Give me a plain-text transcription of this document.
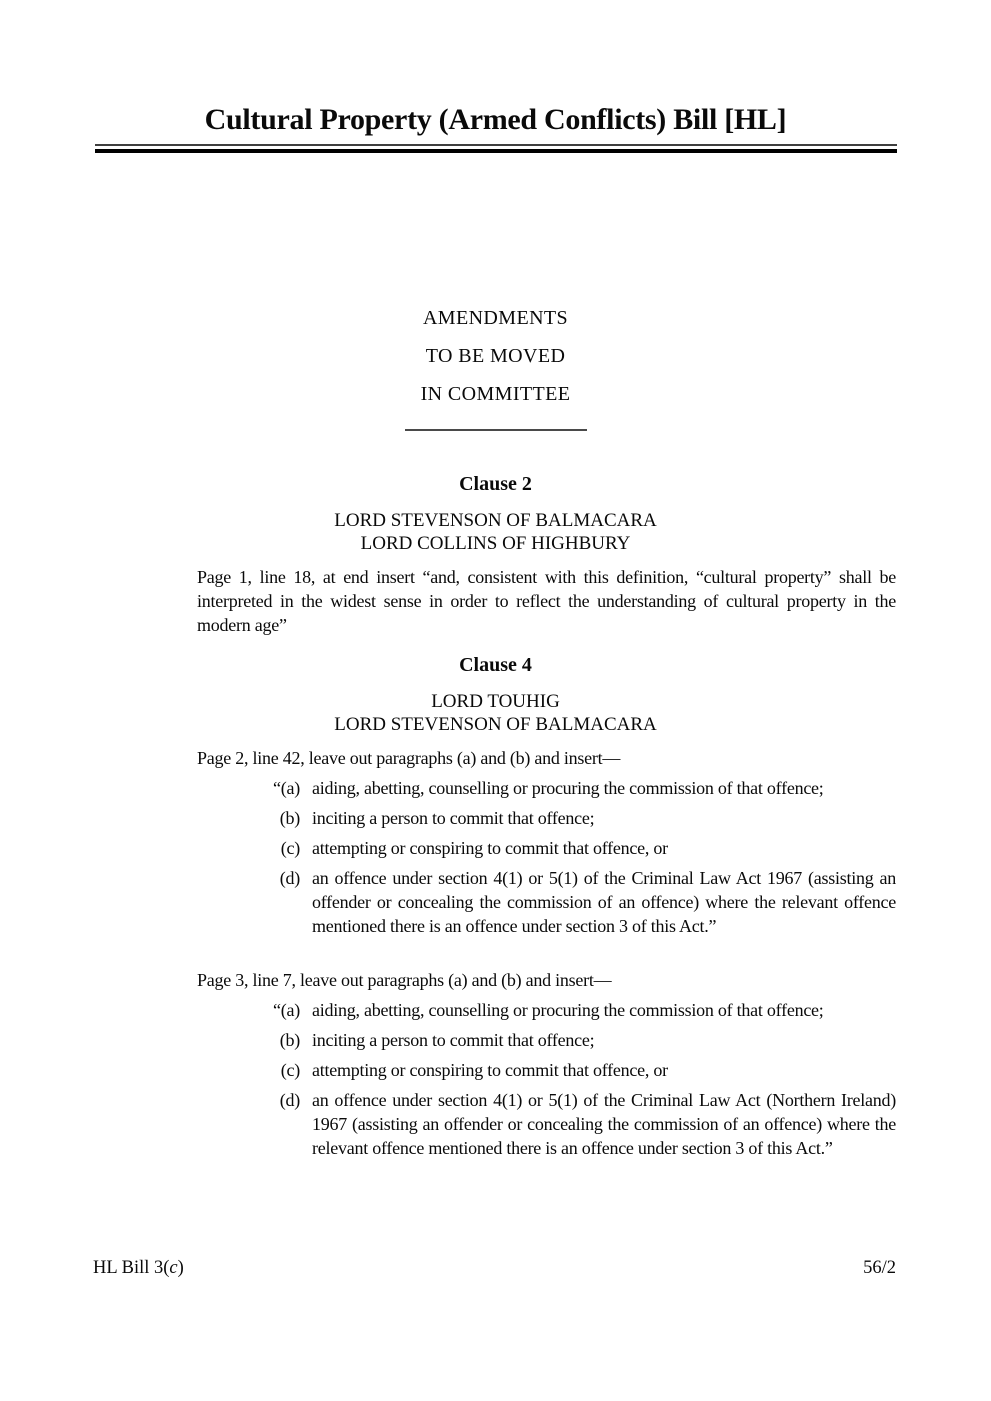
Cultural Property (Armed Conflicts) Bill [HL]
AMENDMENTS
TO BE MOVED
IN COMMITTEE
Clause 2
LORD STEVENSON OF BALMACARA
LORD COLLINS OF HIGHBURY

Page 1, line 18, at end insert “and, consistent with this definition, “cultural property” shall be interpreted in the widest sense in order to reflect the understanding of cultural property in the modern age”

Clause 4
LORD TOUHIG
LORD STEVENSON OF BALMACARA

Page 2, line 42, leave out paragraphs (a) and (b) and insert—

“(a) aiding, abetting, counselling or procuring the commission of that offence;
(b) inciting a person to commit that offence;
(c) attempting or conspiring to commit that offence, or
(d) an offence under section 4(1) or 5(1) of the Criminal Law Act 1967 (assisting an offender or concealing the commission of an offence) where the relevant offence mentioned there is an offence under section 3 of this Act.”

Page 3, line 7, leave out paragraphs (a) and (b) and insert—

“(a) aiding, abetting, counselling or procuring the commission of that offence;
(b) inciting a person to commit that offence;
(c) attempting or conspiring to commit that offence, or
(d) an offence under section 4(1) or 5(1) of the Criminal Law Act (Northern Ireland) 1967 (assisting an offender or concealing the commission of an offence) where the relevant offence mentioned there is an offence under section 3 of this Act.”
HL Bill 3(c)	56/2
